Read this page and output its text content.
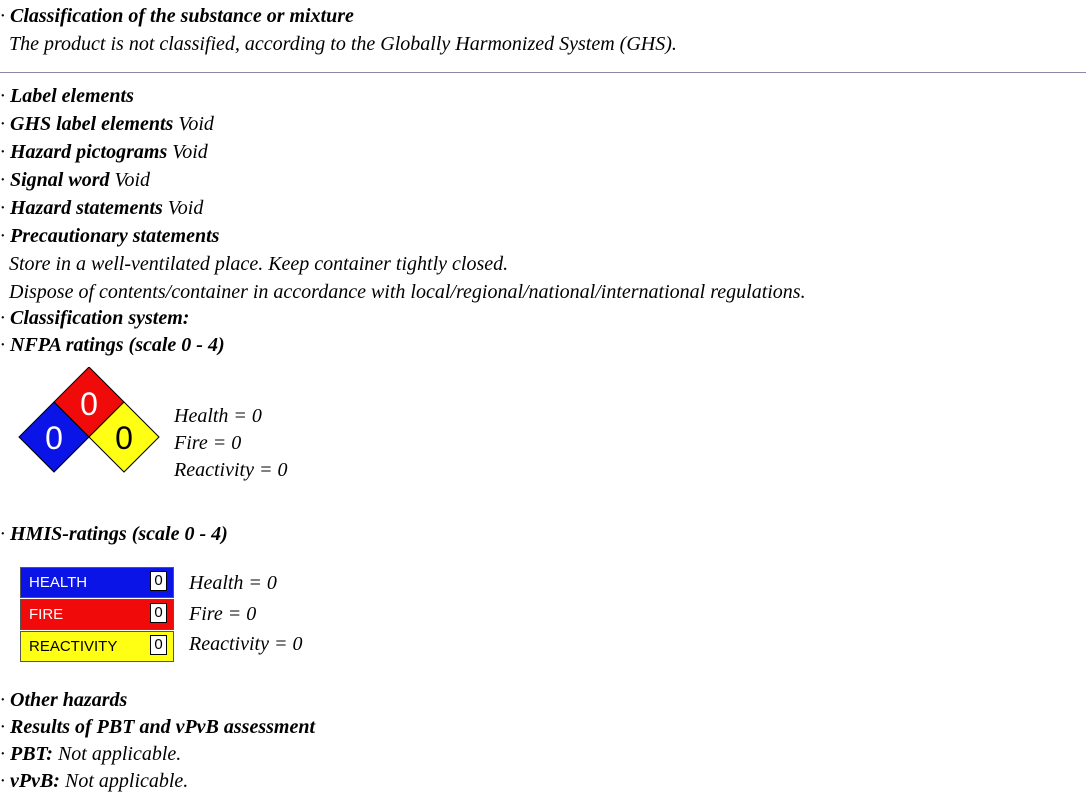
· Classification of the substance or mixture
The product is not classified, according to the Globally Harmonized System (GHS).
· Label elements
· GHS label elements Void
· Hazard pictograms Void
· Signal word Void
· Hazard statements Void
· Precautionary statements
Store in a well-ventilated place. Keep container tightly closed.
Dispose of contents/container in accordance with local/regional/national/international regulations.
· Classification system:
· NFPA ratings (scale 0 - 4)
0
0 0
Health = 0
Fire = 0
Reactivity = 0
· HMIS-ratings (scale 0 - 4)
HEALTH	0
FIRE	0
REACTIVITY 0
Health = 0
Fire = 0
Reactivity = 0
· Other hazards
· Results of PBT and vPvB assessment
· PBT: Not applicable.
· vPvB: Not applicable.
